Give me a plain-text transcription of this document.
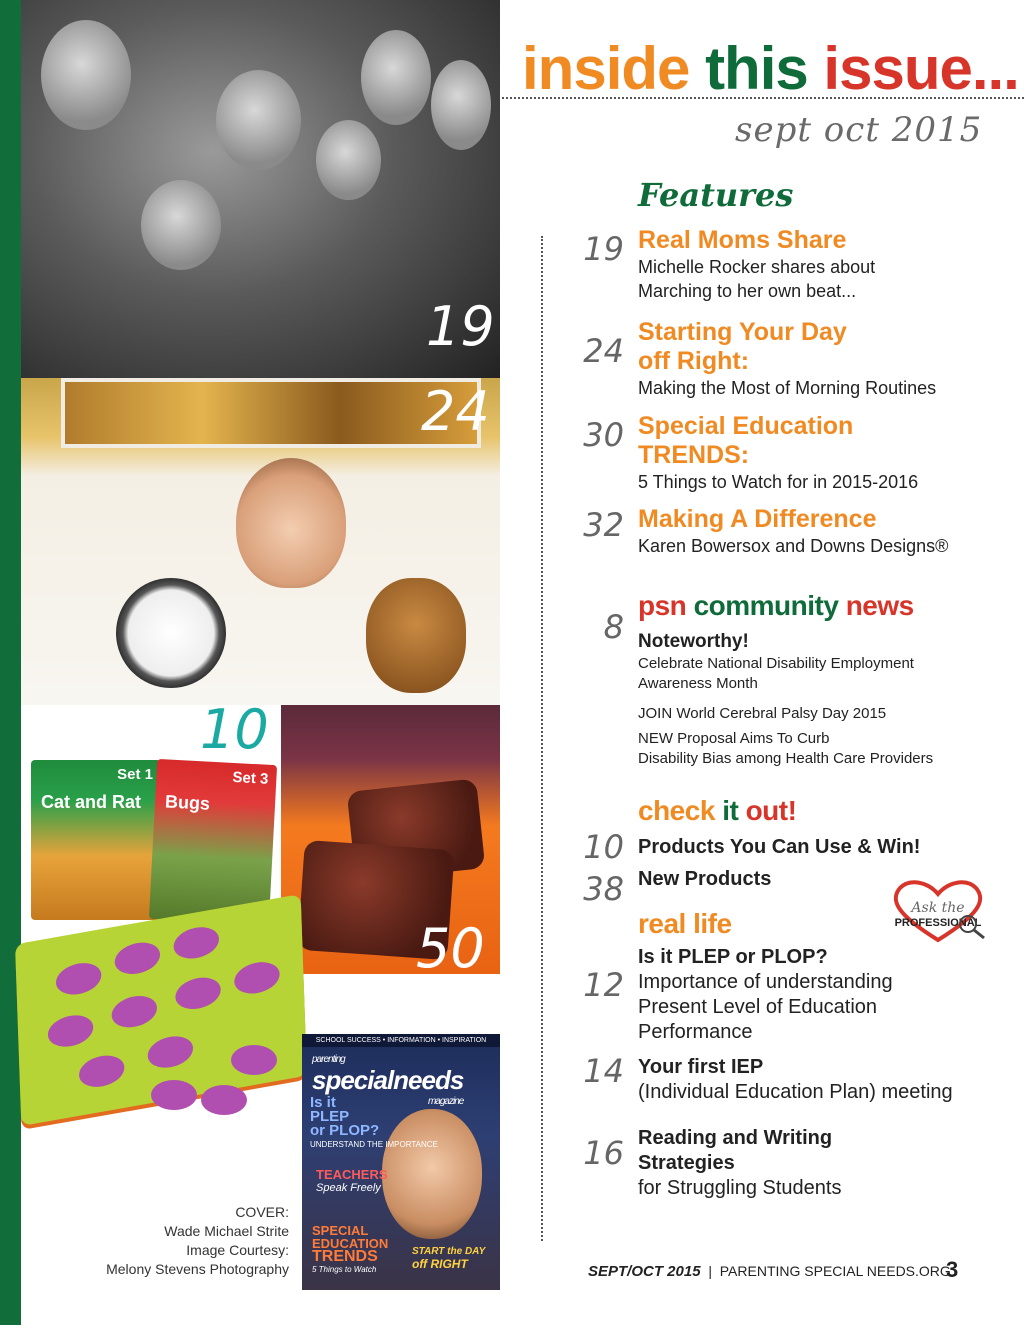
19
24
50
Set 1
Cat and Rat
Set 3
Bugs
10
SCHOOL SUCCESS • INFORMATION • INSPIRATION
parenting
specialneeds
magazine
Is it
PLEP
or PLOP?
UNDERSTAND THE IMPORTANCE
TEACHERS
Speak Freely
SPECIAL
EDUCATION
TRENDS
5 Things to Watch
START the DAY
off RIGHT
COVER:
Wade Michael Strite
Image Courtesy:
Melony Stevens Photography
inside this issue...
sept oct 2015
Features
19 Real Moms Share
Michelle Rocker shares about
Marching to her own beat...
24 Starting Your Day
off Right:
Making the Most of Morning Routines
30 Special Education
TRENDS:
5 Things to Watch for in 2015-2016
32 Making A Difference
Karen Bowersox and Downs Designs®
psn community news
8 Noteworthy!
Celebrate National Disability Employment
Awareness Month
JOIN World Cerebral Palsy Day 2015
NEW Proposal Aims To Curb
Disability Bias among Health Care Providers
check it out!
10 Products You Can Use & Win!
38 New Products
real life	Ask the
PROFESSIONAL
12
Is it PLEP or PLOP?
Importance of understanding
Present Level of Education
Performance
14 Your first IEP
(Individual Education Plan) meeting
16 Reading and Writing
Strategies
for Struggling Students
SEPT/OCT 2015 | PARENTING SPECIAL NEEDS.ORG
3
